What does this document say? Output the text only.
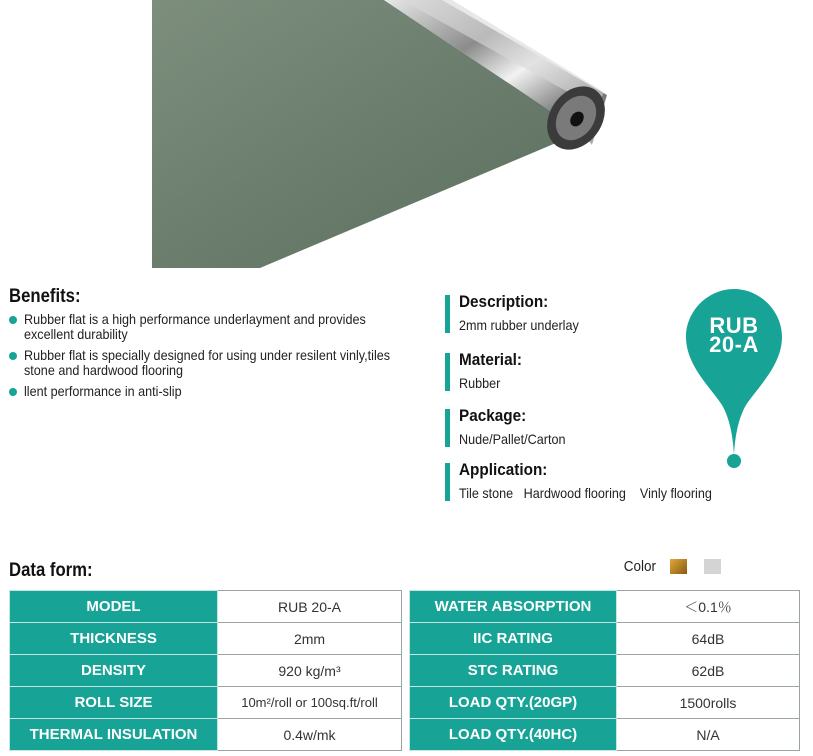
Benefits:
Rubber flat is a high performance underlayment and provides excellent durability
Rubber flat is specially designed for using under resilent vinly,tiles stone and hardwood flooring
llent performance in anti-slip
Description:
2mm rubber underlay
Material:
Rubber
Package:
Nude/Pallet/Carton
Application:
Tile stone   Hardwood flooring    Vinly flooring
RUB
20-A
Data form:	Color
MODEL	RUB 20-A
THICKNESS	2mm
DENSITY	920 kg/m³
ROLL SIZE	10m²/roll or 100sq.ft/roll
THERMAL INSULATION	0.4w/mk
WATER ABSORPTION	＜0.1％
IIC RATING	64dB
STC RATING	62dB
LOAD QTY.(20GP)	1500rolls
LOAD QTY.(40HC)	N/A
